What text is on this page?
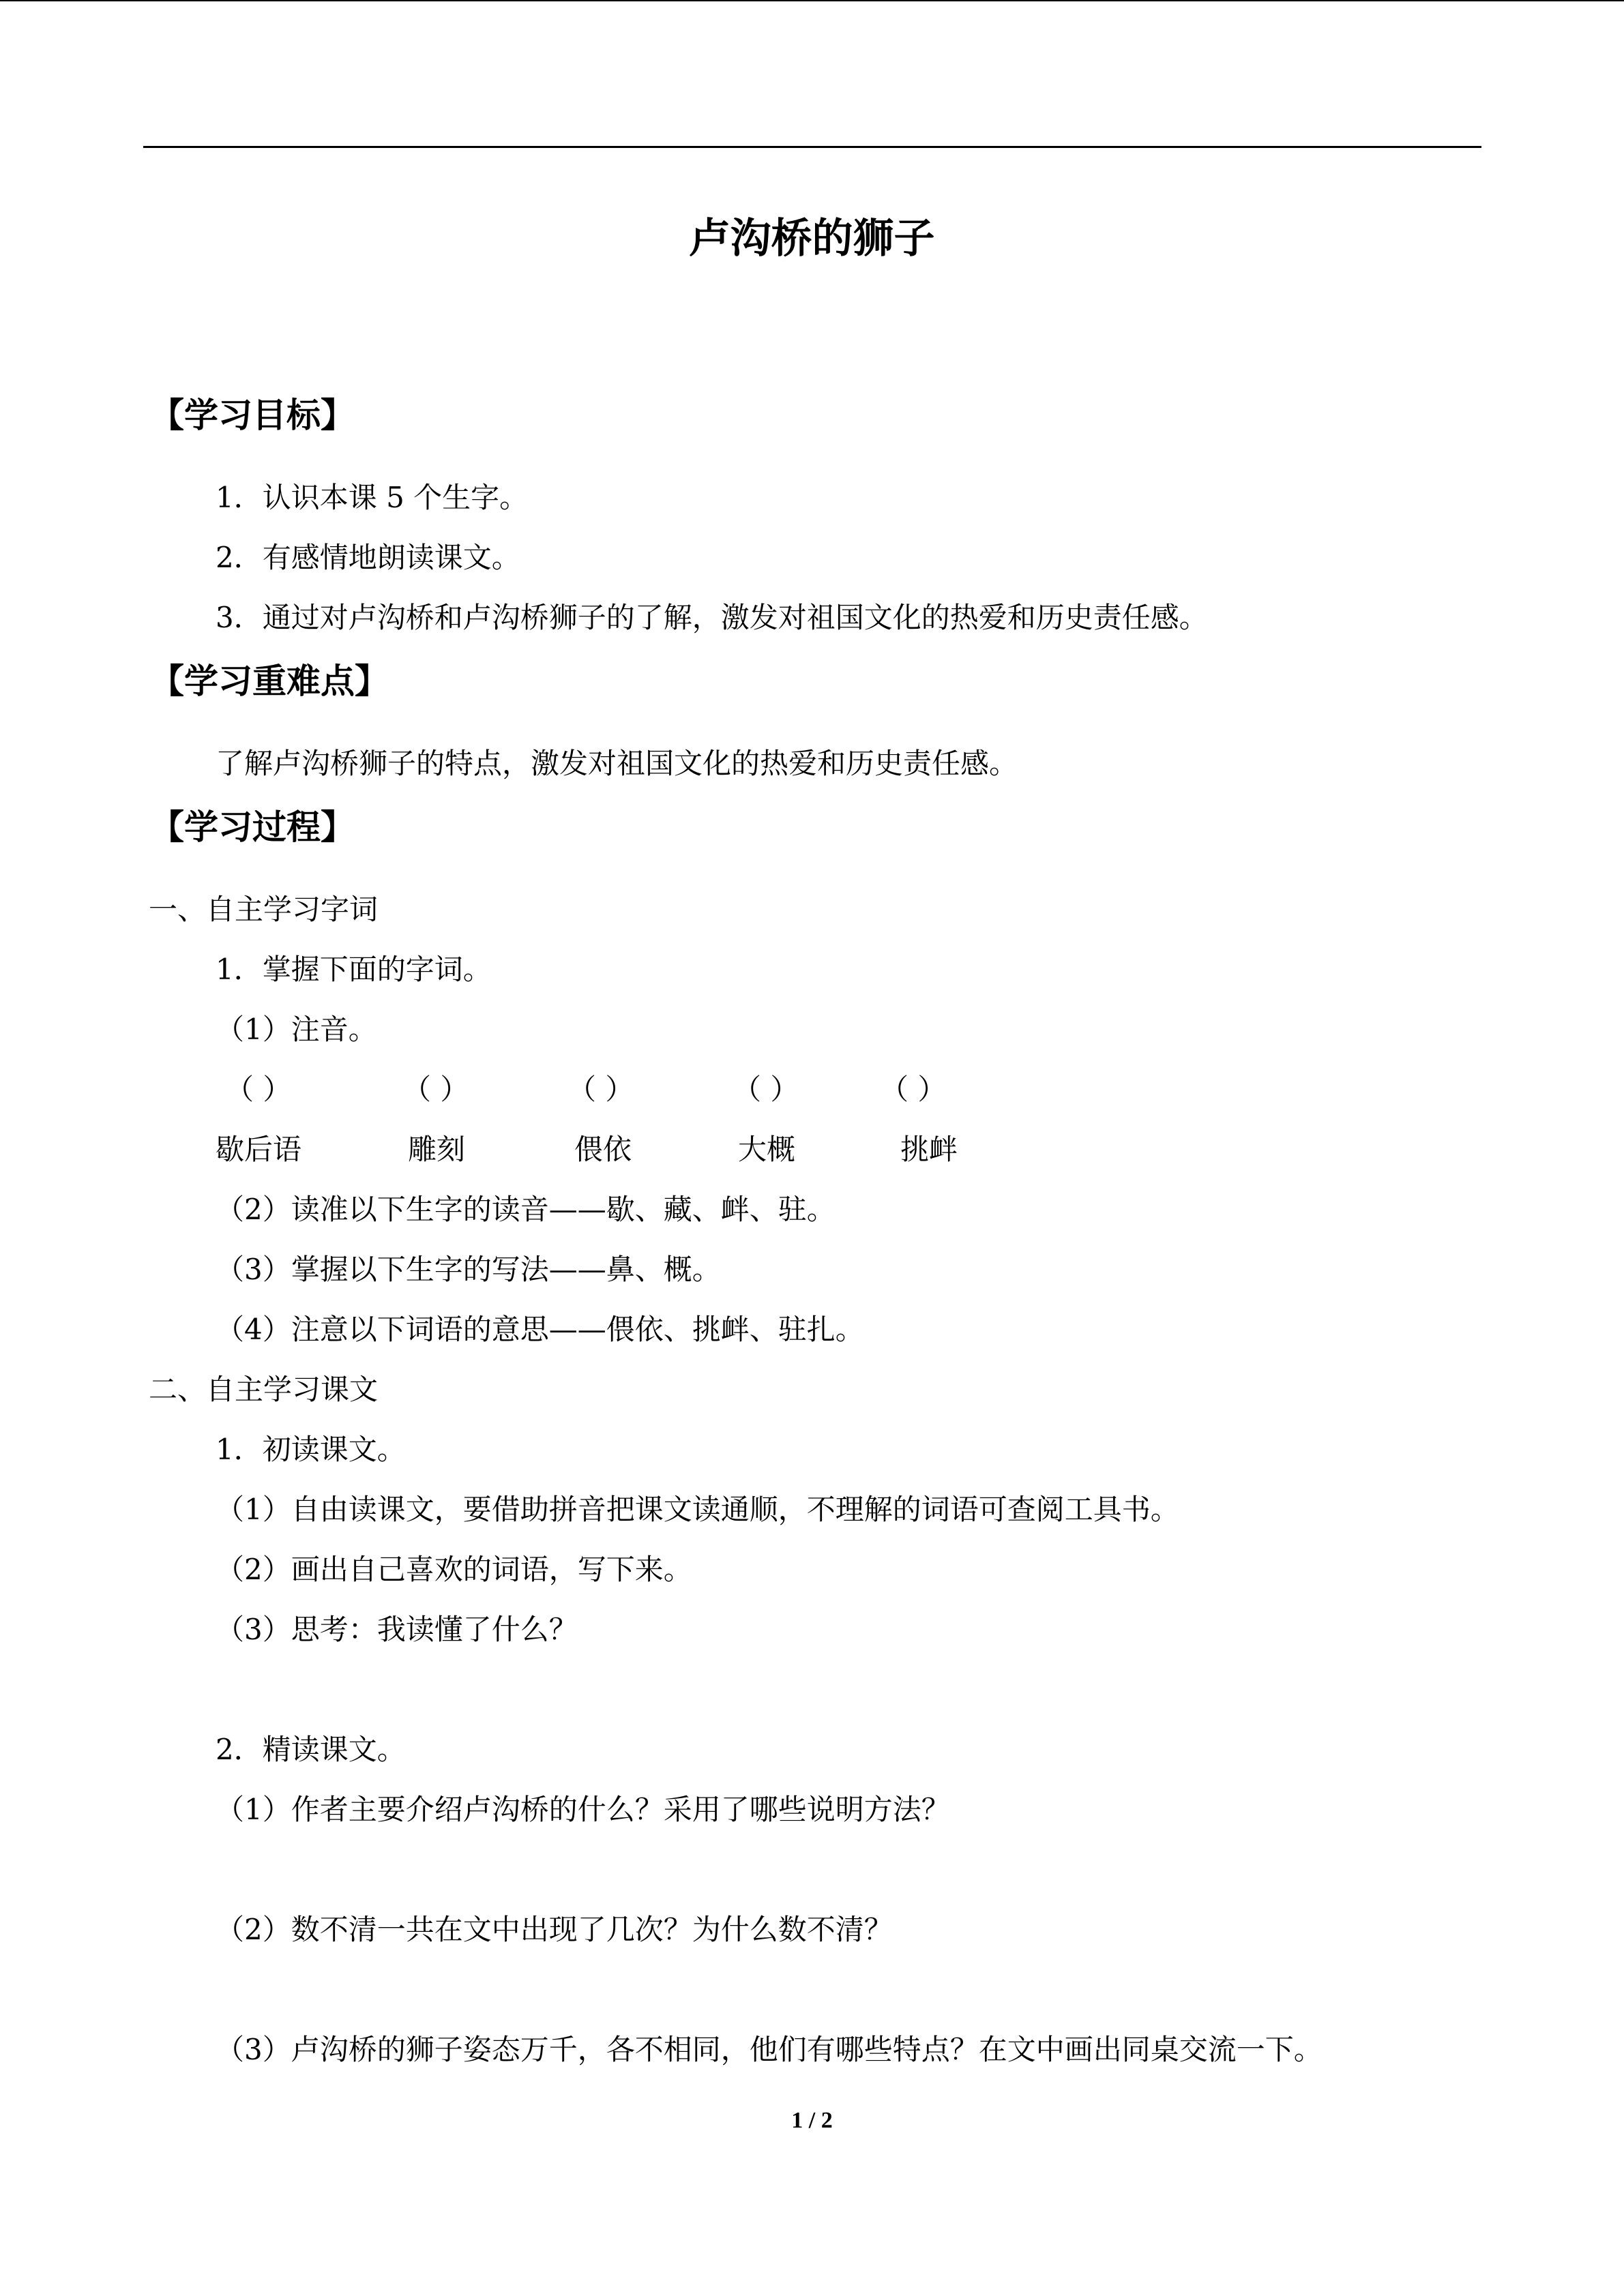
卢沟桥的狮子
【学习目标】
1．认识本课 5 个生字。
2．有感情地朗读课文。
3．通过对卢沟桥和卢沟桥狮子的了解，激发对祖国文化的热爱和历史责任感。
【学习重难点】
了解卢沟桥狮子的特点，激发对祖国文化的热爱和历史责任感。
【学习过程】
一、自主学习字词
1．掌握下面的字词。
（1）注音。
（ ）	（ ）	（ ）	（ ）	（ ）
歇后语	雕刻	偎依	大概	挑衅
（2）读准以下生字的读音——歇、藏、衅、驻。
（3）掌握以下生字的写法——鼻、概。
（4）注意以下词语的意思——偎依、挑衅、驻扎。
二、自主学习课文
1．初读课文。
（1）自由读课文，要借助拼音把课文读通顺，不理解的词语可查阅工具书。
（2）画出自己喜欢的词语，写下来。
（3）思考：我读懂了什么？
2．精读课文。
（1）作者主要介绍卢沟桥的什么？采用了哪些说明方法？
（2）数不清一共在文中出现了几次？为什么数不清？
（3）卢沟桥的狮子姿态万千，各不相同，他们有哪些特点？在文中画出同桌交流一下。
1 / 2
